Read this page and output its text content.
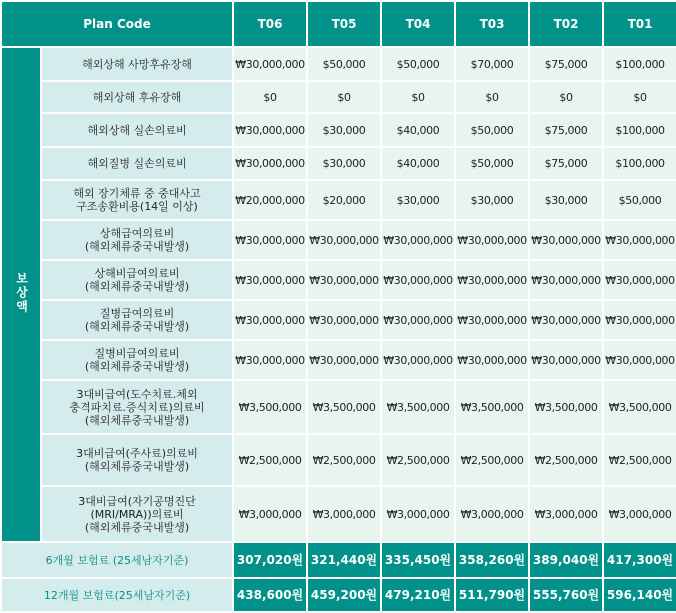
Plan Code		T06	T05	T04	T03	T02	T01
보상액	해외상해 사망후유장해	₩30,000,000	$50,000	$50,000	$70,000	$75,000	$100,000

	해외상해 후유장해	$0	$0	$0	$0	$0	$0

	해외상해 실손의료비	₩30,000,000	$30,000	$40,000	$50,000	$75,000	$100,000

	해외질병 실손의료비	₩30,000,000	$30,000	$40,000	$50,000	$75,000	$100,000

	해외 장기체류 중 중대사고
구조송환비용(14일 이상)	₩20,000,000	$20,000	$30,000	$30,000	$30,000	$50,000

	상해급여의료비
(해외체류중국내발생)	₩30,000,000	₩30,000,000	₩30,000,000	₩30,000,000	₩30,000,000	₩30,000,000

	상해비급여의료비
(해외체류중국내발생)	₩30,000,000	₩30,000,000	₩30,000,000	₩30,000,000	₩30,000,000	₩30,000,000

	질병급여의료비
(해외체류중국내발생)	₩30,000,000	₩30,000,000	₩30,000,000	₩30,000,000	₩30,000,000	₩30,000,000

	질병비급여의료비
(해외체류중국내발생)	₩30,000,000	₩30,000,000	₩30,000,000	₩30,000,000	₩30,000,000	₩30,000,000

	3대비급여(도수치료.체외
충격파치료.증식치료)의료비
(해외체류중국내발생)	₩3,500,000	₩3,500,000	₩3,500,000	₩3,500,000	₩3,500,000	₩3,500,000

	3대비급여(주사료)의료비
(해외체류중국내발생)	₩2,500,000	₩2,500,000	₩2,500,000	₩2,500,000	₩2,500,000	₩2,500,000

	3대비급여(자기공명진단
(MRI/MRA))의료비
(해외체류중국내발생)	₩3,000,000	₩3,000,000	₩3,000,000	₩3,000,000	₩3,000,000	₩3,000,000
6개월 보험료 (25세남자기준)		307,020원	321,440원	335,450원	358,260원	389,040원	417,300원
12개월 보험료(25세남자기준)		438,600원	459,200원	479,210원	511,790원	555,760원	596,140원
